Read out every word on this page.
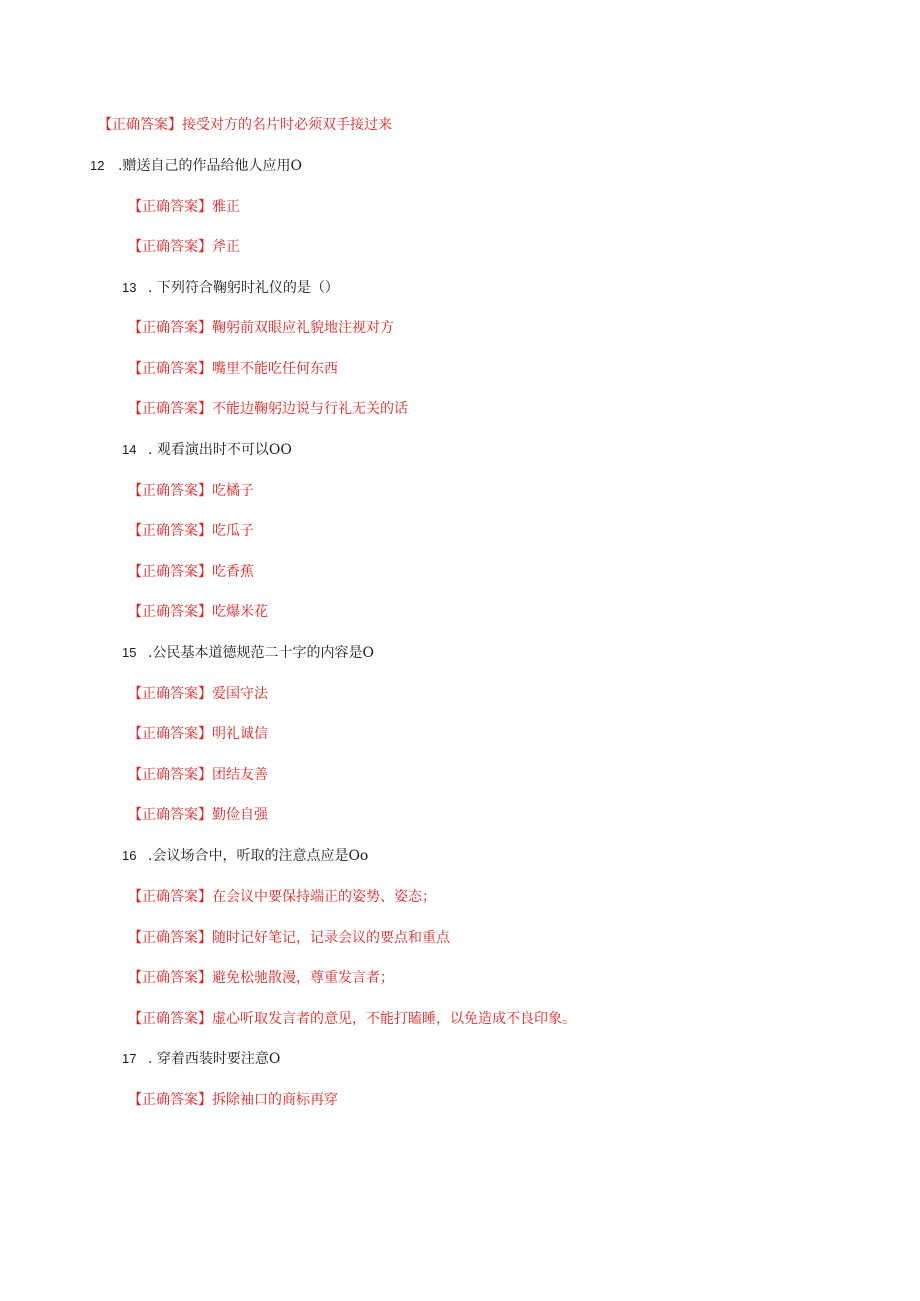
【正确答案】接受对方的名片时必须双手接过来
12 .赠送自己的作品给他人应用O
【正确答案】雅正
【正确答案】斧正
13 . 下列符合鞠躬时礼仪的是（）
【正确答案】鞠躬前双眼应礼貌地注视对方
【正确答案】嘴里不能吃任何东西
【正确答案】不能边鞠躬边说与行礼无关的话
14 . 观看演出时不可以OO
【正确答案】吃橘子
【正确答案】吃瓜子
【正确答案】吃香蕉
【正确答案】吃爆米花
15 .公民基本道德规范二十字的内容是O
【正确答案】爱国守法
【正确答案】明礼诚信
【正确答案】团结友善
【正确答案】勤俭自强
16 .会议场合中，听取的注意点应是Oo
【正确答案】在会议中要保持端正的姿势、姿态；
【正确答案】随时记好笔记，记录会议的要点和重点
【正确答案】避免松驰散漫，尊重发言者；
【正确答案】虚心听取发言者的意见，不能打瞌睡，以免造成不良印象。
17 . 穿着西装时要注意O
【正确答案】拆除袖口的商标再穿
